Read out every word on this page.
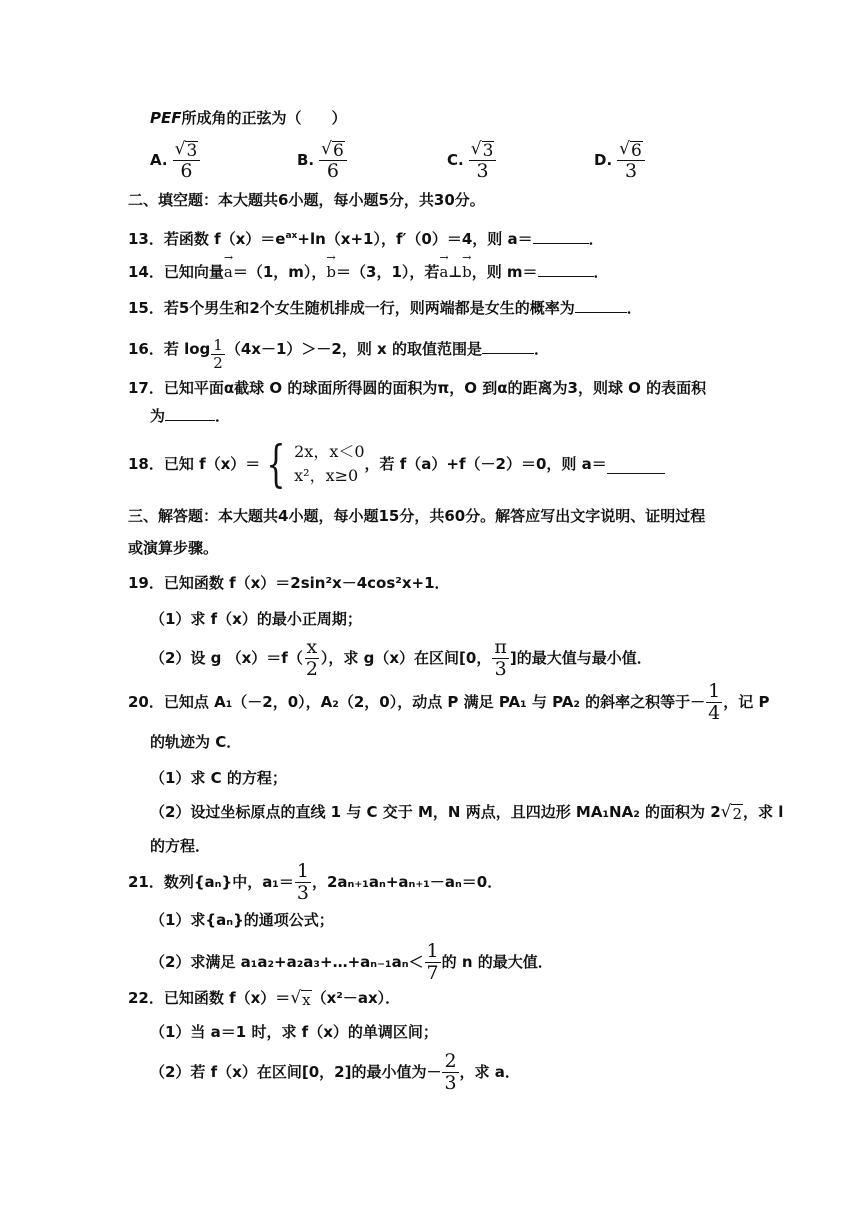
PEF所成角的正弦为（　　）
A. $\frac{√ 3}{6}$	B. $\frac{√ 6}{6}$	C. $\frac{√ 3}{3}$	D. $\frac{√ 6}{3}$
二、填空题：本大题共6小题，每小题5分，共30分。
13．若函数 $f(x)=e^{ax}+\ln(x+1)$，f′（0）＝4，则 a＝	．
14．已知向量
→
a＝（1，m），
→
b＝（3，1），若
→
a⊥
→
b，则 m＝	．
15．若5个男生和2个女生随机排成一行，则两端都是女生的概率为	．
16．若 $\log \frac{1}{2} (4x-1)>-2$，则 x 的取值范围是	．
17．已知平面α截球 O 的球面所得圆的面积为π，O 到α的距离为3，则球 O 的表面积
为	．
18． 已知 f（x）＝ { 2x，x＜0
x²，x≥0
，若 f（a）+f（－2）＝0，则 a＝
三、解答题：本大题共4小题，每小题15分，共60分。解答应写出文字说明、证明过程
或演算步骤。
19．已知函数 f（x）＝2sin²x－4cos²x+1．
（1）求 f（x）的最小正周期；
（2）设 g $(x)=f( \frac{x}{2}$ ），求 g（x）在区间[0， $\frac{\pi}{3}$ ]的最大值与最小值．
20． 已知点 A₁（－2，0），A₂（2，0），动点 P 满足 PA₁ 与 PA₂ 的斜率之积等于－ $\frac{1}{4}$ ，记 P
的轨迹为 C．
（1）求 C 的方程；
（2）设过坐标原点的直线 1 与 C 交于 M，N 两点，且四边形 MA₁NA₂ 的面积为 2 √ 2 ，求 l
的方程．
21． 数列{aₙ}中，$a_1= \frac{1}{3}$ ，2aₙ₊₁aₙ+aₙ₊₁－aₙ＝0．
（1）求{aₙ}的通项公式；
（2）求满足 a₁a₂+a₂a₃+…+aₙ₋₁aₙ＜ $\frac{1}{7}$ 的 n 的最大值．
22．已知函数 f（x）＝ √ x （x²－ax）．
（1）当 a＝1 时，求 f（x）的单调区间；
（2）若 f（x）在区间[0，2]的最小值为－ $\frac{2}{3}$ ，求 a．
